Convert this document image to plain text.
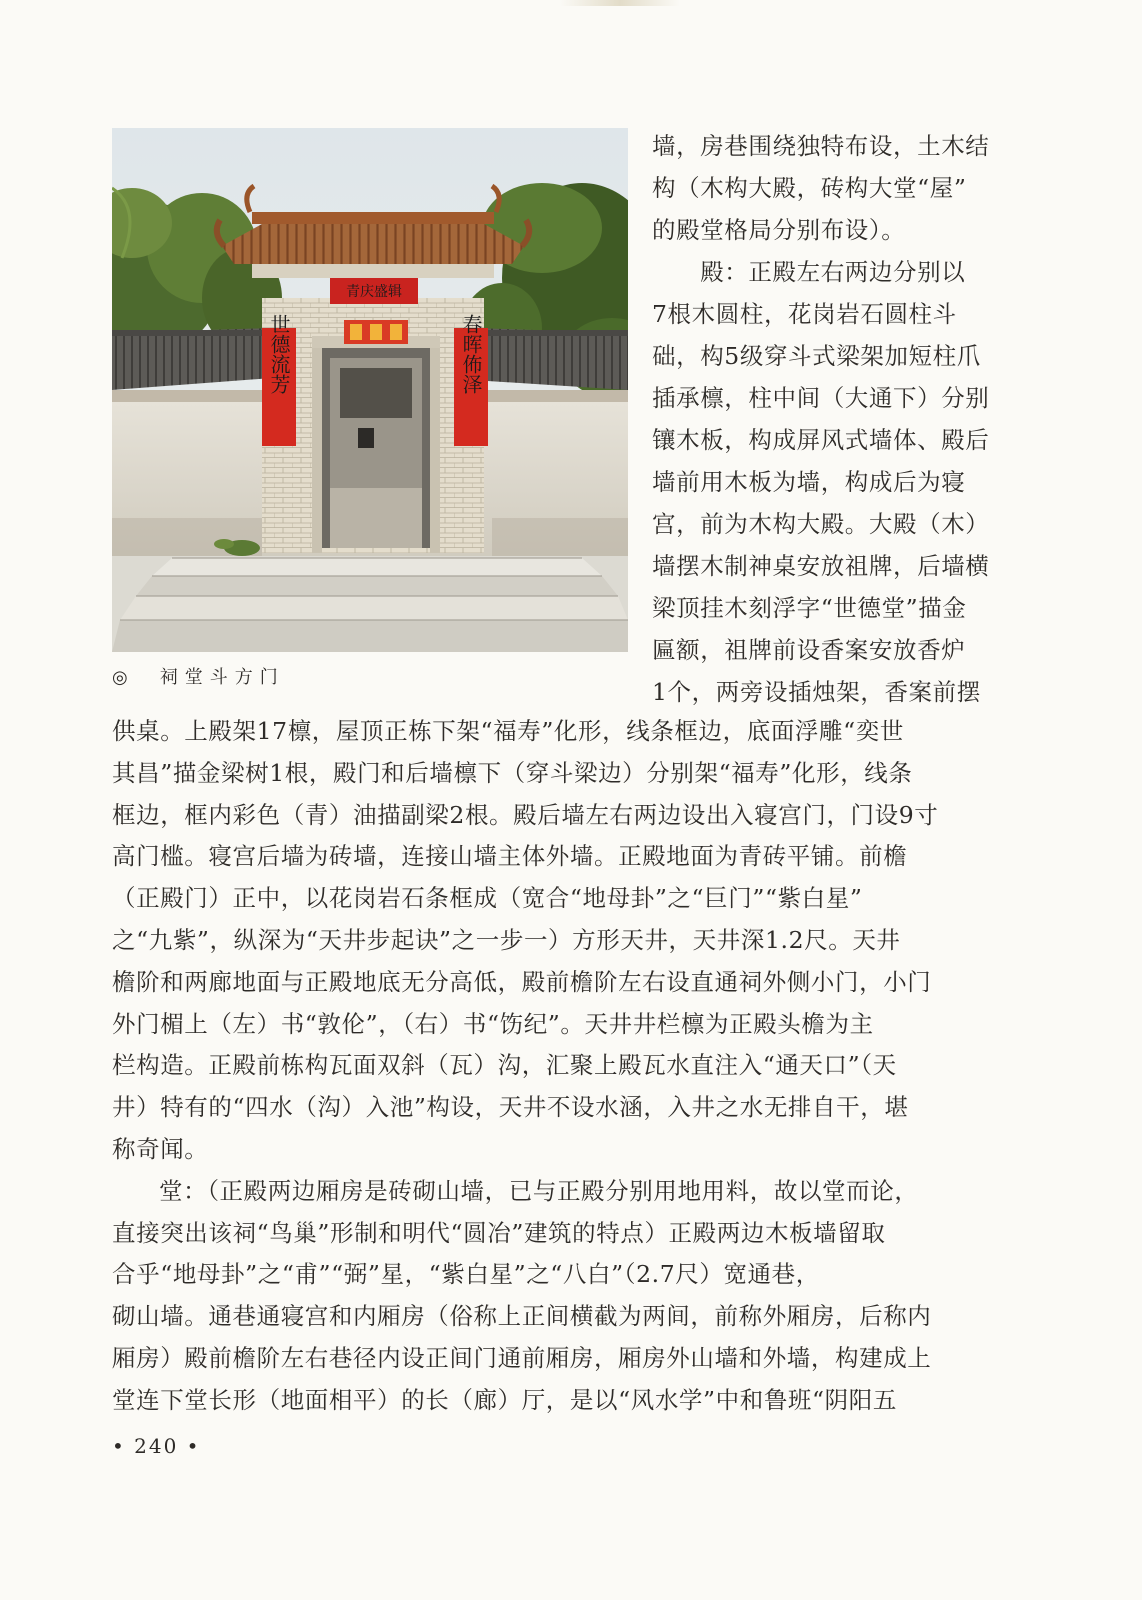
青庆盛辑
世德流芳	春晖佈泽
◎　祠堂斗方门
墙，房巷围绕独特布设，土木结
构（木构大殿，砖构大堂“屋”
的殿堂格局分别布设）。
　　殿：正殿左右两边分别以
7根木圆柱，花岗岩石圆柱斗
础，构5级穿斗式梁架加短柱爪
插承檩，柱中间（大通下）分别
镶木板，构成屏风式墙体、殿后
墙前用木板为墙，构成后为寝
宫，前为木构大殿。大殿（木）
墙摆木制神桌安放祖牌，后墙横
梁顶挂木刻浮字“世德堂”描金
匾额，祖牌前设香案安放香炉
1个，两旁设插烛架，香案前摆
供桌。上殿架17檩，屋顶正栋下架“福寿”化形，线条框边，底面浮雕“奕世
其昌”描金梁树1根，殿门和后墙檩下（穿斗梁边）分别架“福寿”化形，线条
框边，框内彩色（青）油描副梁2根。殿后墙左右两边设出入寝宫门，门设9寸
高门槛。寝宫后墙为砖墙，连接山墙主体外墙。正殿地面为青砖平铺。前檐
（正殿门）正中，以花岗岩石条框成（宽合“地母卦”之“巨门”“紫白星”
之“九紫”，纵深为“天井步起诀”之一步一）方形天井，天井深1.2尺。天井
檐阶和两廊地面与正殿地底无分高低，殿前檐阶左右设直通祠外侧小门，小门
外门楣上（左）书“敦伦”，（右）书“饬纪”。天井井栏檩为正殿头檐为主
栏构造。正殿前栋构瓦面双斜（瓦）沟，汇聚上殿瓦水直注入“通天口”（天
井）特有的“四水（沟）入池”构设，天井不设水涵，入井之水无排自干，堪
称奇闻。
堂：（正殿两边厢房是砖砌山墙，已与正殿分别用地用料，故以堂而论，
直接突出该祠“鸟巢”形制和明代“圆冶”建筑的特点）正殿两边木板墙留取
合乎“地母卦”之“甫”“弼”星，“紫白星”之“八白”（2.7尺）宽通巷，
砌山墙。通巷通寝宫和内厢房（俗称上正间横截为两间，前称外厢房，后称内
厢房）殿前檐阶左右巷径内设正间门通前厢房，厢房外山墙和外墙，构建成上
堂连下堂长形（地面相平）的长（廊）厅，是以“风水学”中和鲁班“阴阳五
• 240 •
